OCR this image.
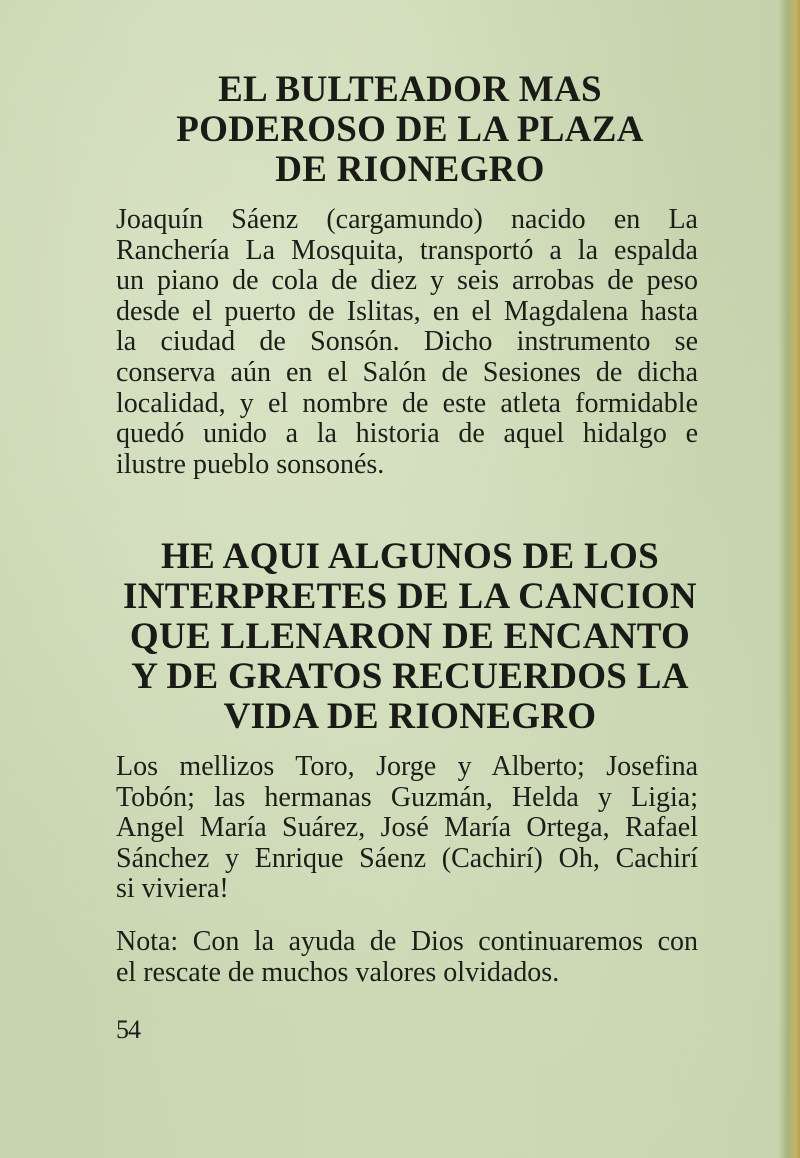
EL BULTEADOR MAS
PODEROSO DE LA PLAZA
DE RIONEGRO

Joaquín Sáenz (cargamundo) nacido en La
Ranchería La Mosquita, transportó a la espalda
un piano de cola de diez y seis arrobas de peso
desde el puerto de Islitas, en el Magdalena hasta
la ciudad de Sonsón. Dicho instrumento se
conserva aún en el Salón de Sesiones de dicha
localidad, y el nombre de este atleta formidable
quedó unido a la historia de aquel hidalgo e
ilustre pueblo sonsonés.

HE AQUI ALGUNOS DE LOS
INTERPRETES DE LA CANCION
QUE LLENARON DE ENCANTO
Y DE GRATOS RECUERDOS LA
VIDA DE RIONEGRO

Los mellizos Toro, Jorge y Alberto; Josefina
Tobón; las hermanas Guzmán, Helda y Ligia;
Angel María Suárez, José María Ortega, Rafael
Sánchez y Enrique Sáenz (Cachirí) Oh, Cachirí
si viviera!

Nota: Con la ayuda de Dios continuaremos con
el rescate de muchos valores olvidados.

54
